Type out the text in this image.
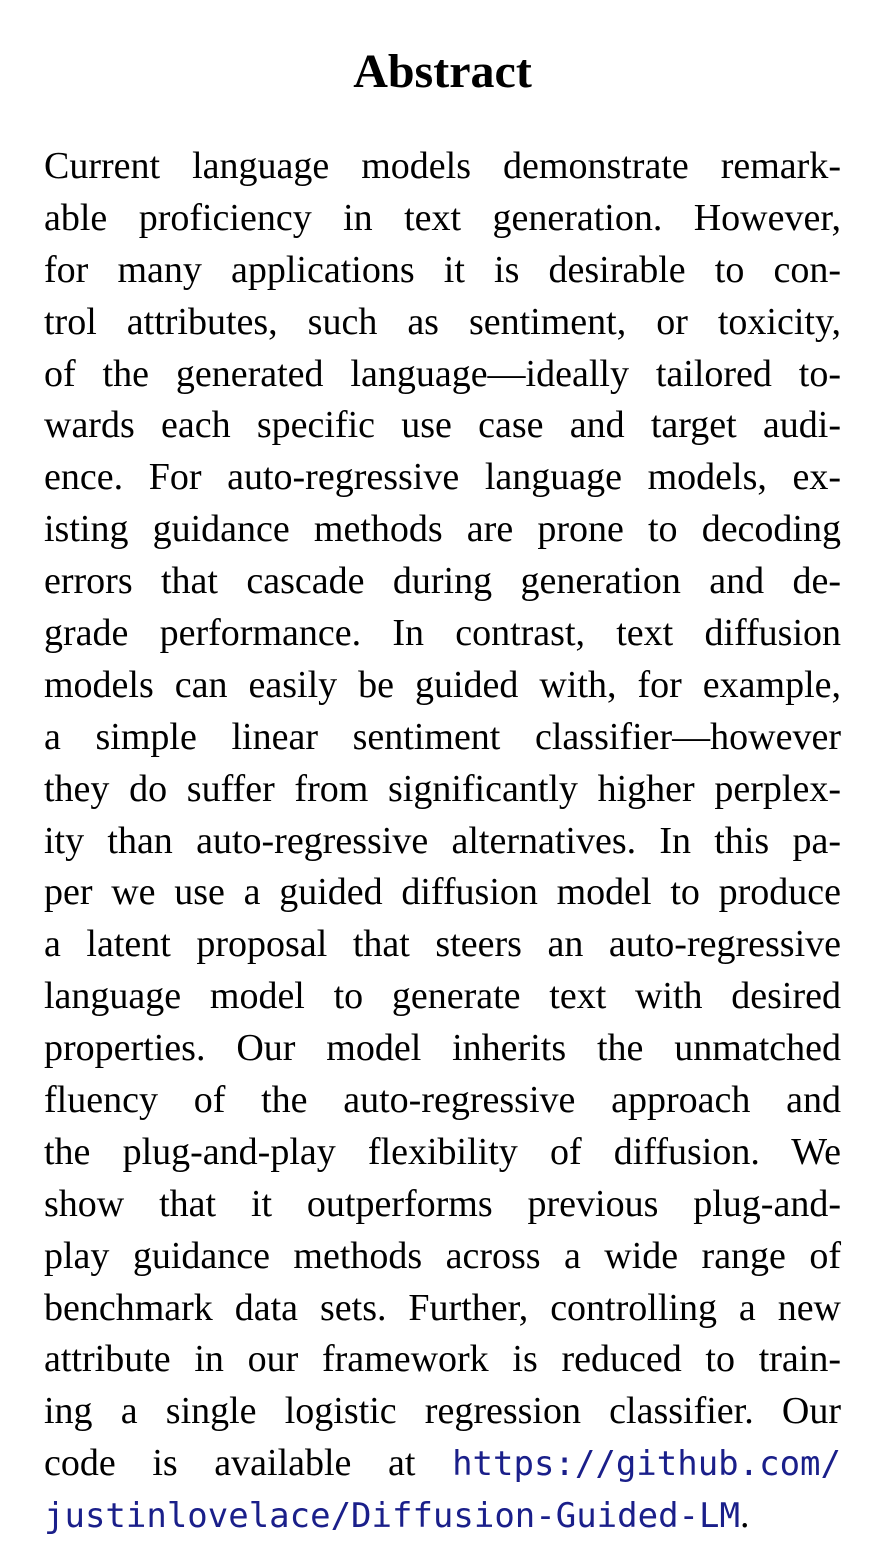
Abstract
Current language models demonstrate remark-
able proficiency in text generation. However,
for many applications it is desirable to con-
trol attributes, such as sentiment, or toxicity,
of the generated language—ideally tailored to-
wards each specific use case and target audi-
ence. For auto-regressive language models, ex-
isting guidance methods are prone to decoding
errors that cascade during generation and de-
grade performance. In contrast, text diffusion
models can easily be guided with, for example,
a simple linear sentiment classifier—however
they do suffer from significantly higher perplex-
ity than auto-regressive alternatives. In this pa-
per we use a guided diffusion model to produce
a latent proposal that steers an auto-regressive
language model to generate text with desired
properties. Our model inherits the unmatched
fluency of the auto-regressive approach and
the plug-and-play flexibility of diffusion. We
show that it outperforms previous plug-and-
play guidance methods across a wide range of
benchmark data sets. Further, controlling a new
attribute in our framework is reduced to train-
ing a single logistic regression classifier. Our
code is available at https://github.com/
justinlovelace/Diffusion-Guided-LM.
